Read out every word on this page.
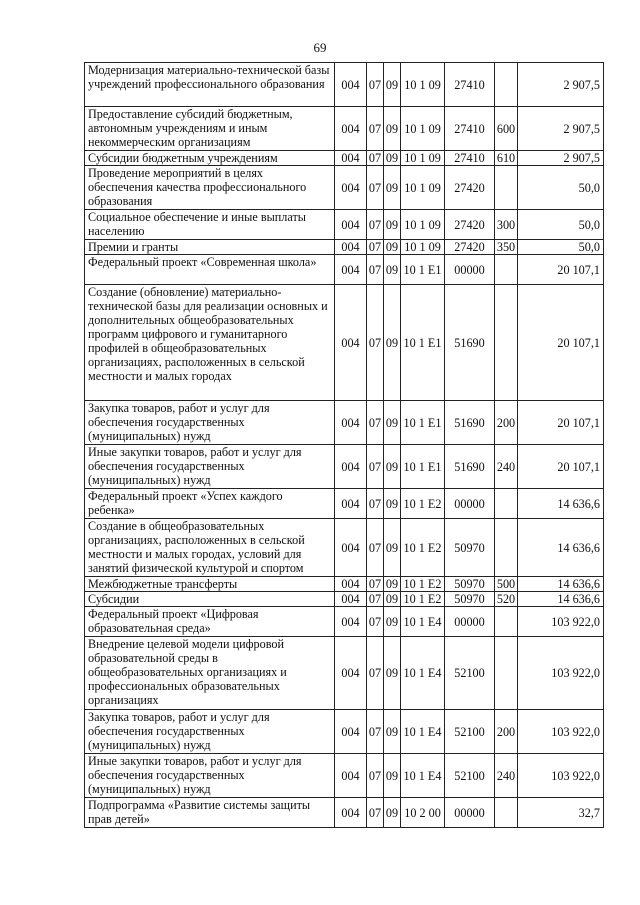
69
Модернизация материально-технической базы учреждений профессионального образования	004	07	09	10 1 09	27410		2 907,5
Предоставление субсидий бюджетным, автономным учреждениям и иным некоммерческим организациям	004	07	09	10 1 09	27410	600	2 907,5
Субсидии бюджетным учреждениям	004	07	09	10 1 09	27410	610	2 907,5
Проведение мероприятий в целях обеспечения качества профессионального образования	004	07	09	10 1 09	27420		50,0
Социальное обеспечение и иные выплаты населению	004	07	09	10 1 09	27420	300	50,0
Премии и гранты	004	07	09	10 1 09	27420	350	50,0
Федеральный проект «Современная школа»	004	07	09	10 1 E1	00000		20 107,1
Создание (обновление) материально-технической базы для реализации основных и дополнительных общеобразовательных программ цифрового и гуманитарного профилей в общеобразовательных организациях, расположенных в сельской местности и малых городах	004	07	09	10 1 E1	51690		20 107,1
Закупка товаров, работ и услуг для обеспечения государственных (муниципальных) нужд	004	07	09	10 1 E1	51690	200	20 107,1
Иные закупки товаров, работ и услуг для обеспечения государственных (муниципальных) нужд	004	07	09	10 1 E1	51690	240	20 107,1
Федеральный проект «Успех каждого ребенка»	004	07	09	10 1 E2	00000		14 636,6
Создание в общеобразовательных организациях, расположенных в сельской местности и малых городах, условий для занятий физической культурой и спортом	004	07	09	10 1 E2	50970		14 636,6
Межбюджетные трансферты	004	07	09	10 1 E2	50970	500	14 636,6
Субсидии	004	07	09	10 1 E2	50970	520	14 636,6
Федеральный проект «Цифровая образовательная среда»	004	07	09	10 1 E4	00000		103 922,0
Внедрение целевой модели цифровой образовательной среды в общеобразовательных организациях и профессиональных образовательных организациях	004	07	09	10 1 E4	52100		103 922,0
Закупка товаров, работ и услуг для обеспечения государственных (муниципальных) нужд	004	07	09	10 1 E4	52100	200	103 922,0
Иные закупки товаров, работ и услуг для обеспечения государственных (муниципальных) нужд	004	07	09	10 1 E4	52100	240	103 922,0
Подпрограмма «Развитие системы защиты прав детей»	004	07	09	10 2 00	00000		32,7
